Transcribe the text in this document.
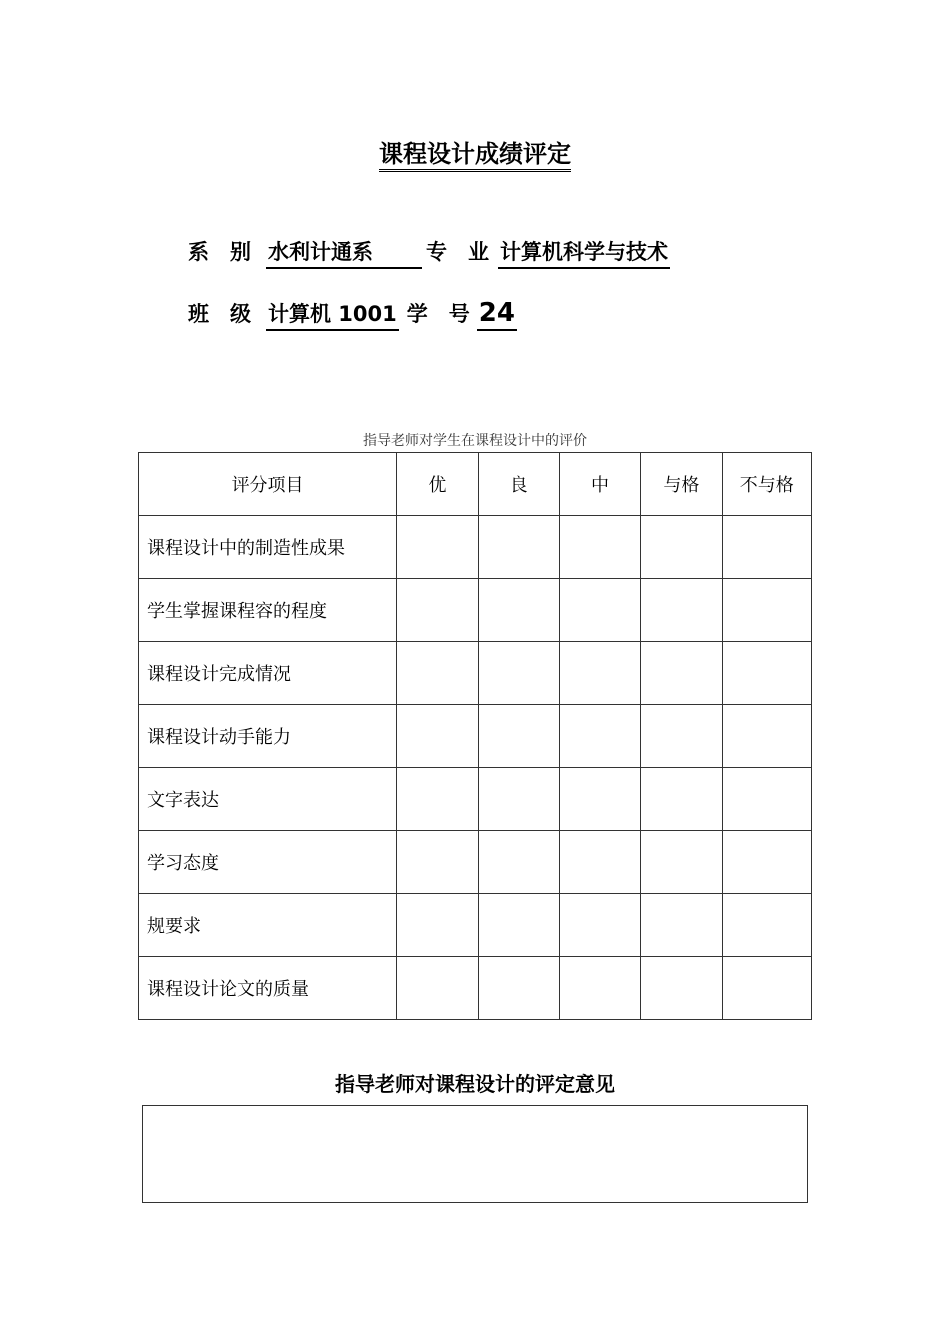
课程设计成绩评定
系　别 水利计通系	专　业 计算机科学与技术
班　级 计算机 1001 学　号 24
指导老师对学生在课程设计中的评价
评分项目	优	良	中	与格	不与格
课程设计中的制造性成果					
学生掌握课程容的程度					
课程设计完成情况					
课程设计动手能力					
文字表达					
学习态度					
规要求					
课程设计论文的质量					
指导老师对课程设计的评定意见
